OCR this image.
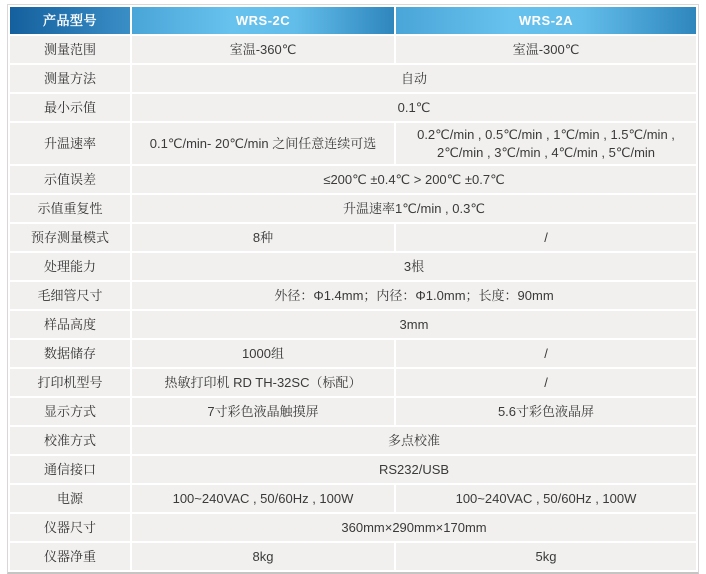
产品型号	WRS-2C	WRS-2A
测量范围	室温-360℃	室温-300℃
测量方法	自动	
最小示值	0.1℃	
升温速率	0.1℃/min- 20℃/min 之间任意连续可选	0.2℃/min , 0.5℃/min , 1℃/min , 1.5℃/min , 2℃/min , 3℃/min , 4℃/min , 5℃/min
示值误差	≤200℃ ±0.4℃ > 200℃ ±0.7℃	
示值重复性	升温速率1℃/min , 0.3℃	
预存测量模式	8种	/
处理能力	3根	
毛细管尺寸	外径：Φ1.4mm；内径：Φ1.0mm；长度：90mm	
样品高度	3mm	
数据储存	1000组	/
打印机型号	热敏打印机 RD TH-32SC（标配）	/
显示方式	7寸彩色液晶触摸屏	5.6寸彩色液晶屏
校准方式	多点校准	
通信接口	RS232/USB	
电源	100~240VAC , 50/60Hz , 100W	100~240VAC , 50/60Hz , 100W
仪器尺寸	360mm×290mm×170mm	
仪器净重	8kg	5kg
